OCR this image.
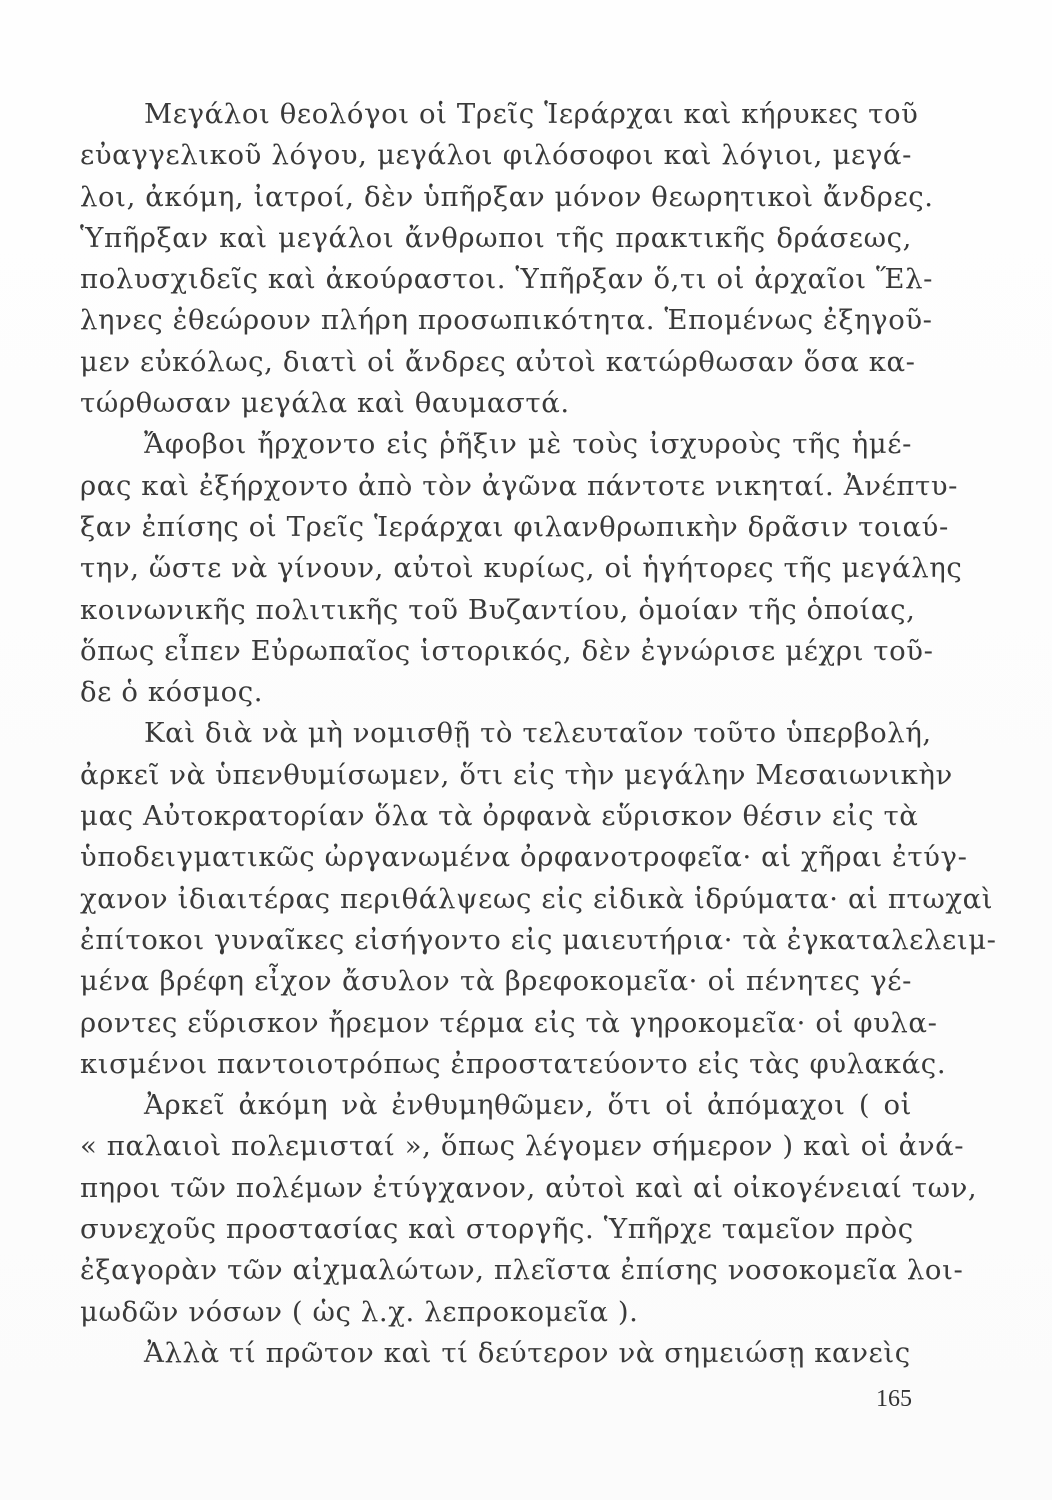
Μεγάλοι θεολόγοι οἱ Τρεῖς Ἱεράρχαι καὶ κήρυκες τοῦ
εὐαγγελικοῦ λόγου, μεγάλοι φιλόσοφοι καὶ λόγιοι, μεγά-
λοι, ἀκόμη, ἰατροί, δὲν ὑπῆρξαν μόνον θεωρητικοὶ ἄνδρες.
Ὑπῆρξαν καὶ μεγάλοι ἄνθρωποι τῆς πρακτικῆς δράσεως,
πολυσχιδεῖς καὶ ἀκούραστοι. Ὑπῆρξαν ὅ,τι οἱ ἀρχαῖοι Ἕλ-
ληνες ἐθεώρουν πλήρη προσωπικότητα. Ἑπομένως ἐξηγοῦ-
μεν εὐκόλως, διατὶ οἱ ἄνδρες αὐτοὶ κατώρθωσαν ὅσα κα-
τώρθωσαν μεγάλα καὶ θαυμαστά.
Ἄφοβοι ἤρχοντο εἰς ῥῆξιν μὲ τοὺς ἰσχυροὺς τῆς ἡμέ-
ρας καὶ ἐξήρχοντο ἀπὸ τὸν ἀγῶνα πάντοτε νικηταί. Ἀνέπτυ-
ξαν ἐπίσης οἱ Τρεῖς Ἱεράρχαι φιλανθρωπικὴν δρᾶσιν τοιαύ-
την, ὥστε νὰ γίνουν, αὐτοὶ κυρίως, οἱ ἡγήτορες τῆς μεγάλης
κοινωνικῆς πολιτικῆς τοῦ Βυζαντίου, ὁμοίαν τῆς ὁποίας,
ὅπως εἶπεν Εὐρωπαῖος ἱστορικός, δὲν ἐγνώρισε μέχρι τοῦ-
δε ὁ κόσμος.
Καὶ διὰ νὰ μὴ νομισθῇ τὸ τελευταῖον τοῦτο ὑπερβολή,
ἀρκεῖ νὰ ὑπενθυμίσωμεν, ὅτι εἰς τὴν μεγάλην Μεσαιωνικὴν
μας Αὐτοκρατορίαν ὅλα τὰ ὀρφανὰ εὕρισκον θέσιν εἰς τὰ
ὑποδειγματικῶς ὠργανωμένα ὀρφανοτροφεῖα· αἱ χῆραι ἐτύγ-
χανον ἰδιαιτέρας περιθάλψεως εἰς εἰδικὰ ἱδρύματα· αἱ πτωχαὶ
ἐπίτοκοι γυναῖκες εἰσήγοντο εἰς μαιευτήρια· τὰ ἐγκαταλελειμ-
μένα βρέφη εἶχον ἄσυλον τὰ βρεφοκομεῖα· οἱ πένητες γέ-
ροντες εὕρισκον ἤρεμον τέρμα εἰς τὰ γηροκομεῖα· οἱ φυλα-
κισμένοι παντοιοτρόπως ἐπροστατεύοντο εἰς τὰς φυλακάς.
Ἀρκεῖ ἀκόμη νὰ ἐνθυμηθῶμεν, ὅτι οἱ ἀπόμαχοι ( οἱ
« παλαιοὶ πολεμισταί », ὅπως λέγομεν σήμερον ) καὶ οἱ ἀνά-
πηροι τῶν πολέμων ἐτύγχανον, αὐτοὶ καὶ αἱ οἰκογένειαί των,
συνεχοῦς προστασίας καὶ στοργῆς. Ὑπῆρχε ταμεῖον πρὸς
ἐξαγορὰν τῶν αἰχμαλώτων, πλεῖστα ἐπίσης νοσοκομεῖα λοι-
μωδῶν νόσων ( ὡς λ.χ. λεπροκομεῖα ).
Ἀλλὰ τί πρῶτον καὶ τί δεύτερον νὰ σημειώσῃ κανεὶς
165
